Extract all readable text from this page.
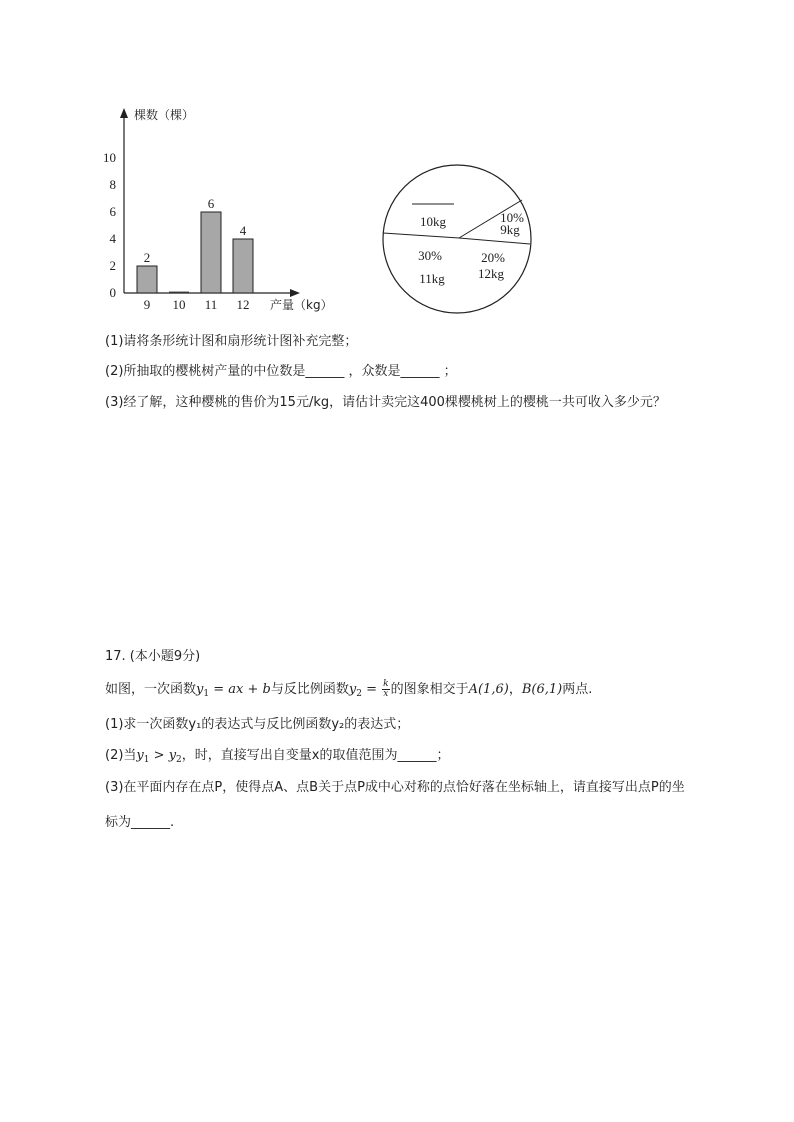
棵数（棵）
产量（kg）
10
8
6
4
2
0
9
2
10 11
6
12
4
10kg	10%
9kg
20%
12kg
30%
11kg
(1)请将条形统计图和扇形统计图补充完整；
(2)所抽取的樱桃树产量的中位数是______ ，众数是______ ；
(3)经了解，这种樱桃的售价为15元/kg，请估计卖完这400棵樱桃树上的樱桃一共可收入多少元？
17. (本小题9分)
如图，一次函数$y_1$ = ax + b与反比例函数$y_2 = \frac{k}{x}$ 的图象相交于A(1,6)，B(6,1)两点.
(1)求一次函数y₁的表达式与反比例函数y₂的表达式；
(2)当$y_1 > y_2$，时，直接写出自变量x的取值范围为______；
(3)在平面内存在点P，使得点A、点B关于点P成中心对称的点恰好落在坐标轴上，请直接写出点P的坐
标为______.
